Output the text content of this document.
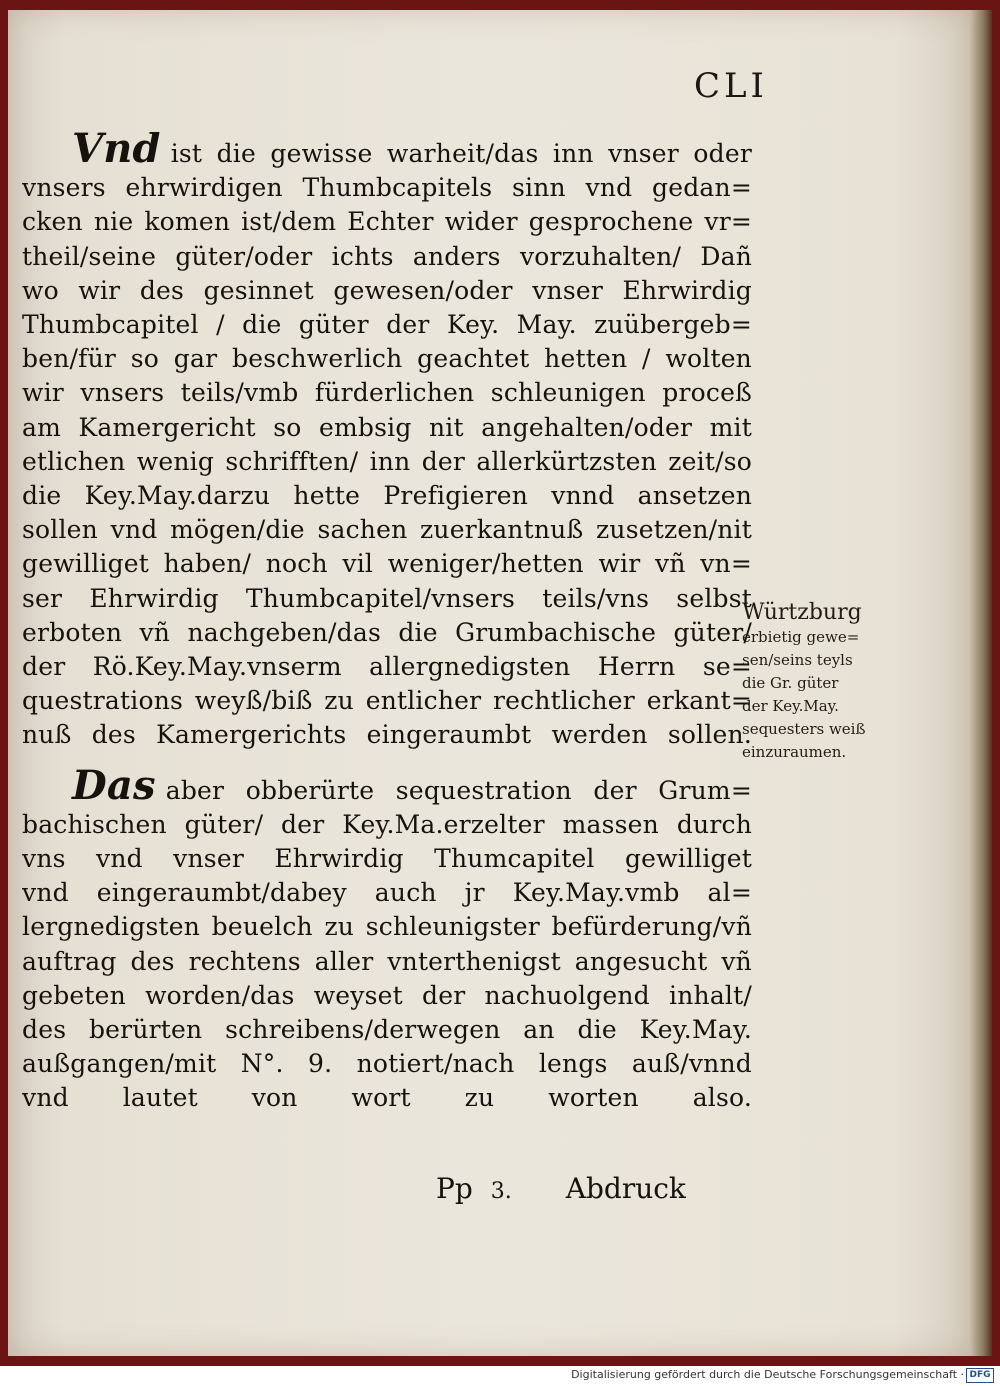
CLI

Vnd ist die gewisse warheit/das inn vnser oder
vnsers ehrwirdigen Thumbcapitels sinn vnd gedan=
cken nie komen ist/dem Echter wider gesprochene vr=
theil/seine güter/oder ichts anders vorzuhalten/ Dañ
wo wir des gesinnet gewesen/oder vnser Ehrwirdig
Thumbcapitel / die güter der Key. May. zuübergeb=
ben/für so gar beschwerlich geachtet hetten / wolten
wir vnsers teils/vmb fürderlichen schleunigen proceß
am Kamergericht so embsig nit angehalten/oder mit
etlichen wenig schrifften/ inn der allerkürtzsten zeit/so
die Key.May.darzu hette Prefigieren vnnd ansetzen
sollen vnd mögen/die sachen zuerkantnuß zusetzen/nit
gewilliget haben/ noch vil weniger/hetten wir vñ vn=
ser Ehrwirdig Thumbcapitel/vnsers teils/vns selbst
erboten vñ nachgeben/das die Grumbachische güter/
der Rö.Key.May.vnserm allergnedigsten Herrn se=
questrations weyß/biß zu entlicher rechtlicher erkant=
nuß des Kamergerichts eingeraumbt werden sollen.

Das aber obberürte sequestration der Grum=
bachischen güter/ der Key.Ma.erzelter massen durch
vns vnd vnser Ehrwirdig Thumcapitel gewilliget
vnd eingeraumbt/dabey auch jr Key.May.vmb al=
lergnedigsten beuelch zu schleunigster befürderung/vñ
auftrag des rechtens aller vnterthenigst angesucht vñ
gebeten worden/das weyset der nachuolgend inhalt/
des berürten schreibens/derwegen an die Key.May.
außgangen/mit N°. 9. notiert/nach lengs auß/vnnd
vnd lautet von wort zu worten also.

Würtzburg
erbietig gewe=
sen/seins teyls
die Gr. güter
der Key.May.
sequesters weiß
einzuraumen.
Pp 3. Abdruck
Digitalisierung gefördert durch die Deutsche Forschungsgemeinschaft · DFG
